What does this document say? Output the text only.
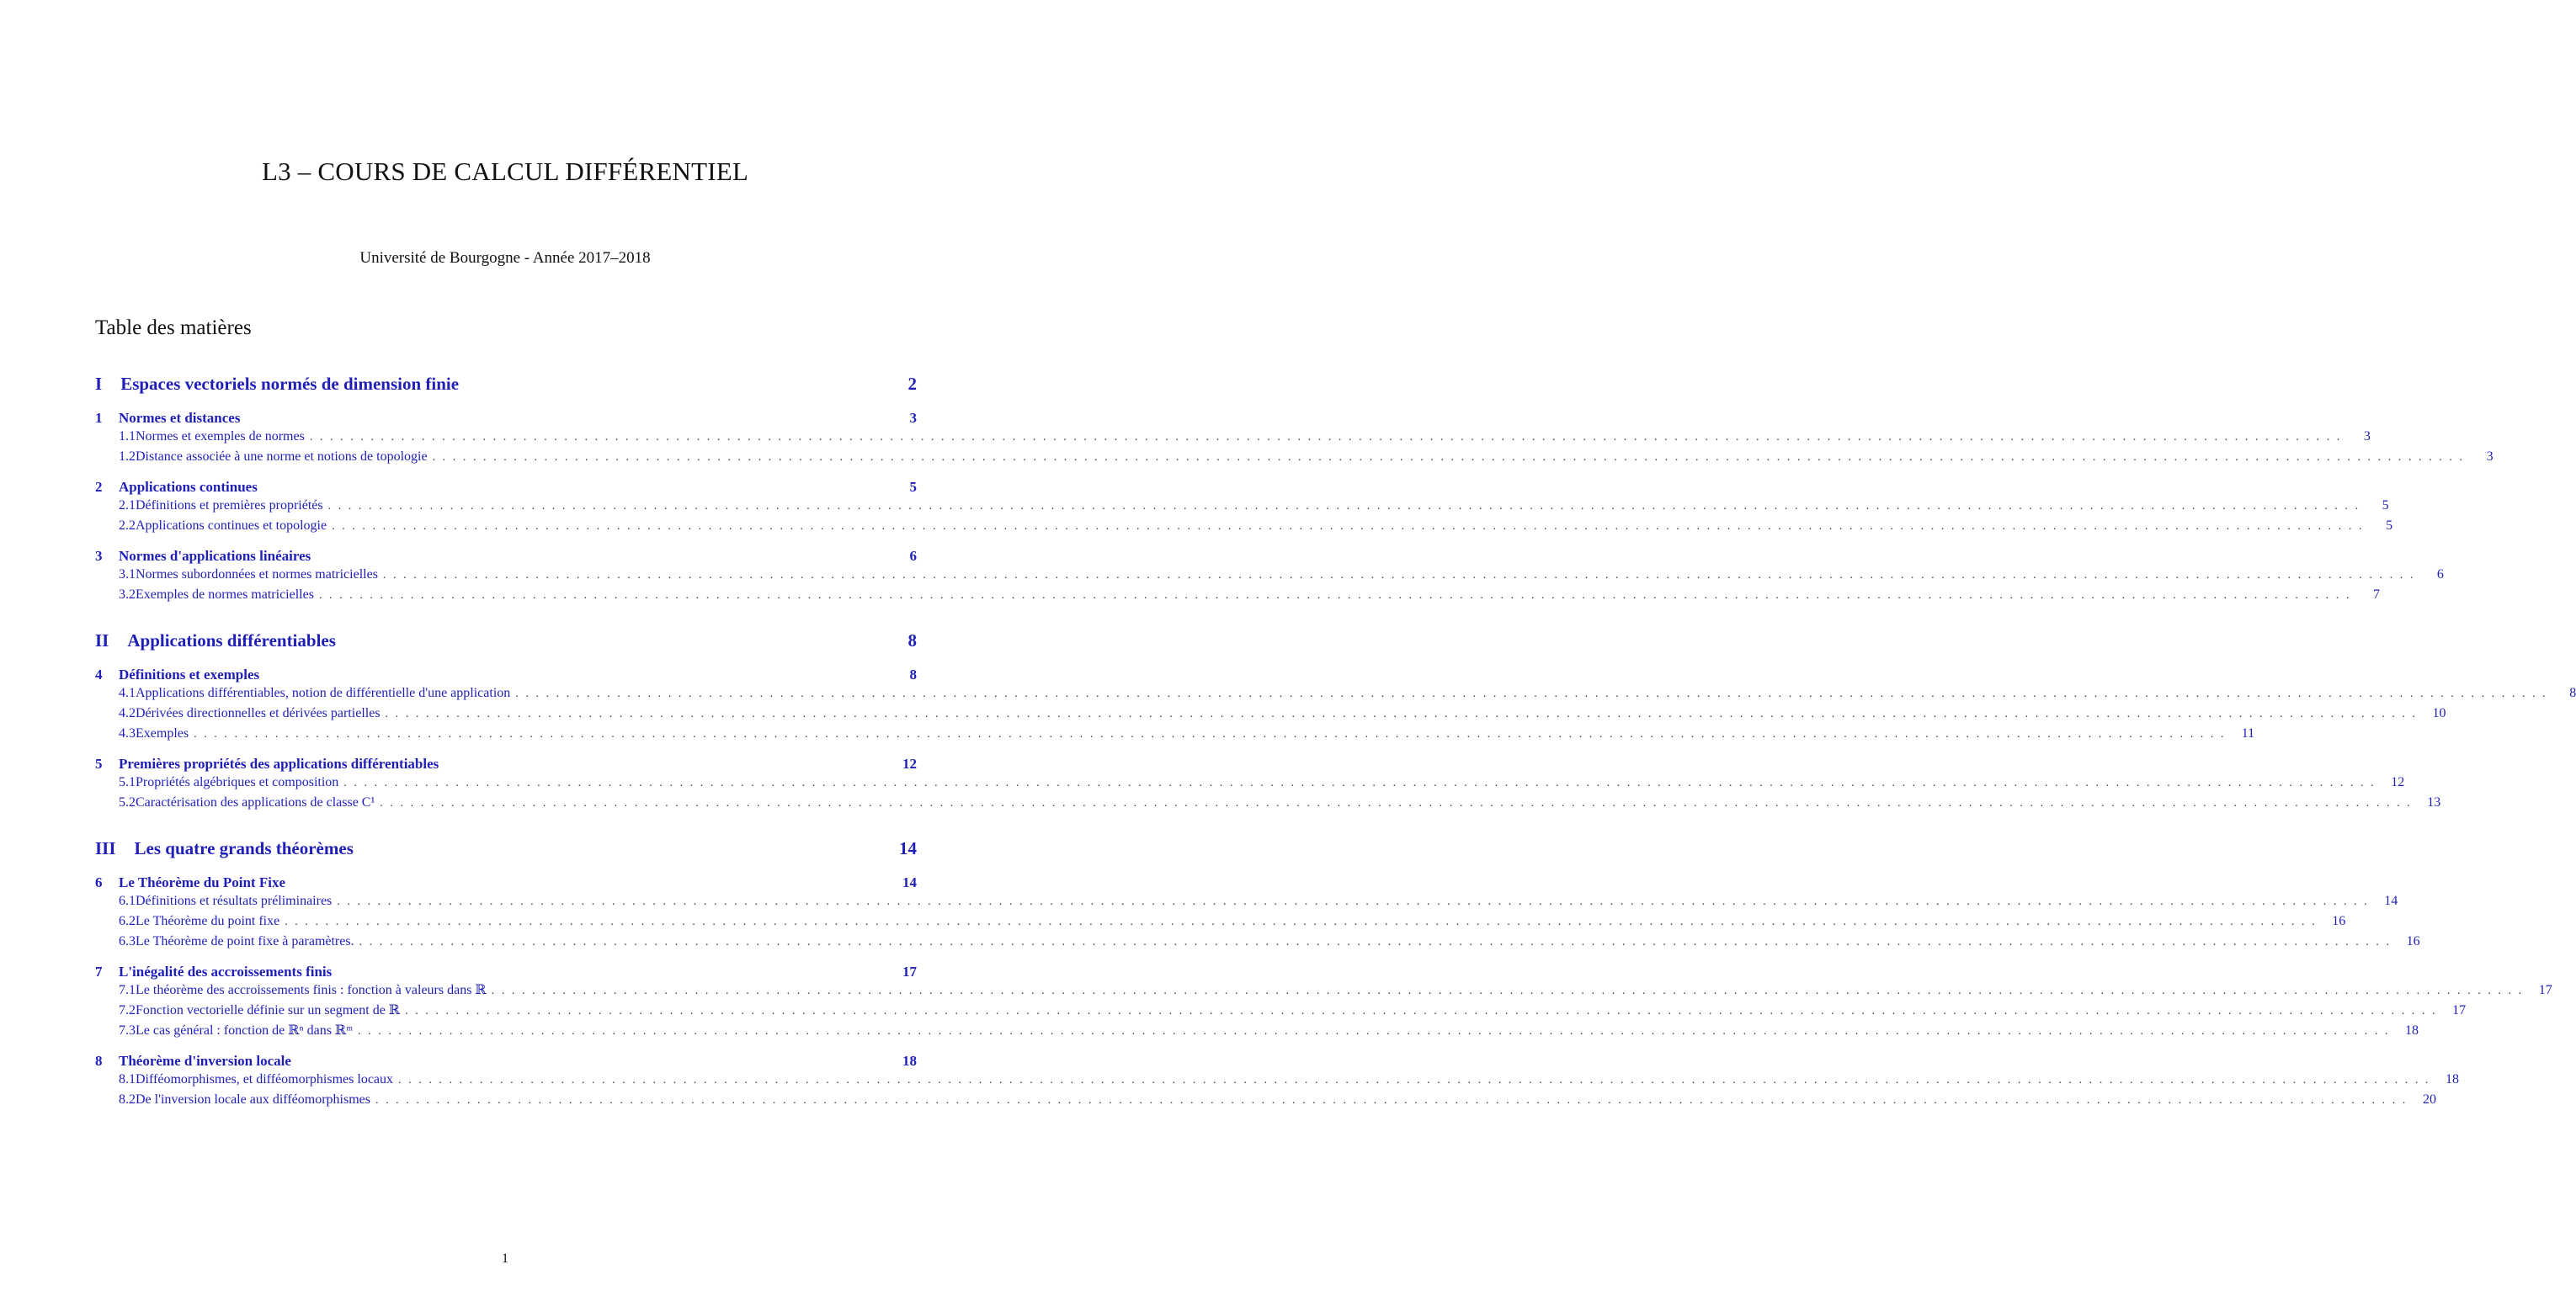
L3 – COURS DE CALCUL DIFFÉRENTIEL
Université de Bourgogne - Année 2017–2018
Table des matières
I Espaces vectoriels normés de dimension finie	2
1	Normes et distances	3
1.1 Normes et exemples de normes ........................................................................................................................................................................................................	3
1.2 Distance associée à une norme et notions de topologie ........................................................................................................................................................................................................	3
2	Applications continues	5
2.1 Définitions et premières propriétés ........................................................................................................................................................................................................	5
2.2 Applications continues et topologie ........................................................................................................................................................................................................	5
3	Normes d'applications linéaires	6
3.1 Normes subordonnées et normes matricielles ........................................................................................................................................................................................................	6
3.2 Exemples de normes matricielles ........................................................................................................................................................................................................	7
II Applications différentiables	8
4	Définitions et exemples	8
4.1 Applications différentiables, notion de différentielle d'une application ........................................................................................................................................................................................................	8
4.2 Dérivées directionnelles et dérivées partielles ........................................................................................................................................................................................................ 10
4.3 Exemples ........................................................................................................................................................................................................ 11
5	Premières propriétés des applications différentiables	12
5.1 Propriétés algébriques et composition ........................................................................................................................................................................................................ 12
5.2 Caractérisation des applications de classe C¹ ........................................................................................................................................................................................................ 13
III Les quatre grands théorèmes	14
6	Le Théorème du Point Fixe	14
6.1 Définitions et résultats préliminaires ........................................................................................................................................................................................................ 14
6.2 Le Théorème du point fixe ........................................................................................................................................................................................................ 16
6.3 Le Théorème de point fixe à paramètres. ........................................................................................................................................................................................................ 16
7	L'inégalité des accroissements finis	17
7.1 Le théorème des accroissements finis : fonction à valeurs dans ℝ ........................................................................................................................................................................................................ 17
7.2 Fonction vectorielle définie sur un segment de ℝ ........................................................................................................................................................................................................ 17
7.3 Le cas général : fonction de ℝⁿ dans ℝᵐ ........................................................................................................................................................................................................ 18
8	Théorème d'inversion locale	18
8.1 Difféomorphismes, et difféomorphismes locaux ........................................................................................................................................................................................................ 18
8.2 De l'inversion locale aux difféomorphismes ........................................................................................................................................................................................................ 20
1
